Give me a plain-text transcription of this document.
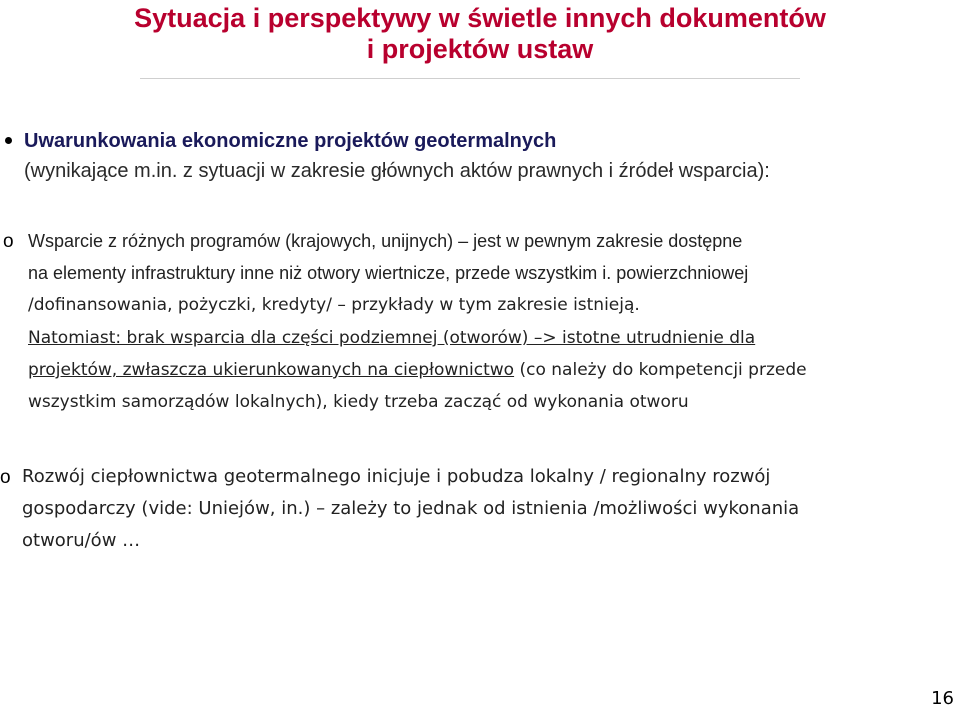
Sytuacja i perspektywy w świetle innych dokumentów
i projektów ustaw
Uwarunkowania ekonomiczne projektów geotermalnych
(wynikające m.in. z sytuacji w zakresie głównych aktów prawnych i źródeł wsparcia):
o Wsparcie z różnych programów (krajowych, unijnych) – jest w pewnym zakresie dostępne
na elementy infrastruktury inne niż otwory wiertnicze, przede wszystkim i. powierzchniowej
/dofinansowania, pożyczki, kredyty/ – przykłady w tym zakresie istnieją.
Natomiast: brak wsparcia dla części podziemnej (otworów) –> istotne utrudnienie dla
projektów, zwłaszcza ukierunkowanych na ciepłownictwo (co należy do kompetencji przede
wszystkim samorządów lokalnych), kiedy trzeba zacząć od wykonania otworu
o Rozwój ciepłownictwa geotermalnego inicjuje i pobudza lokalny / regionalny rozwój
gospodarczy (vide: Uniejów, in.) – zależy to jednak od istnienia /możliwości wykonania
otworu/ów …
16
